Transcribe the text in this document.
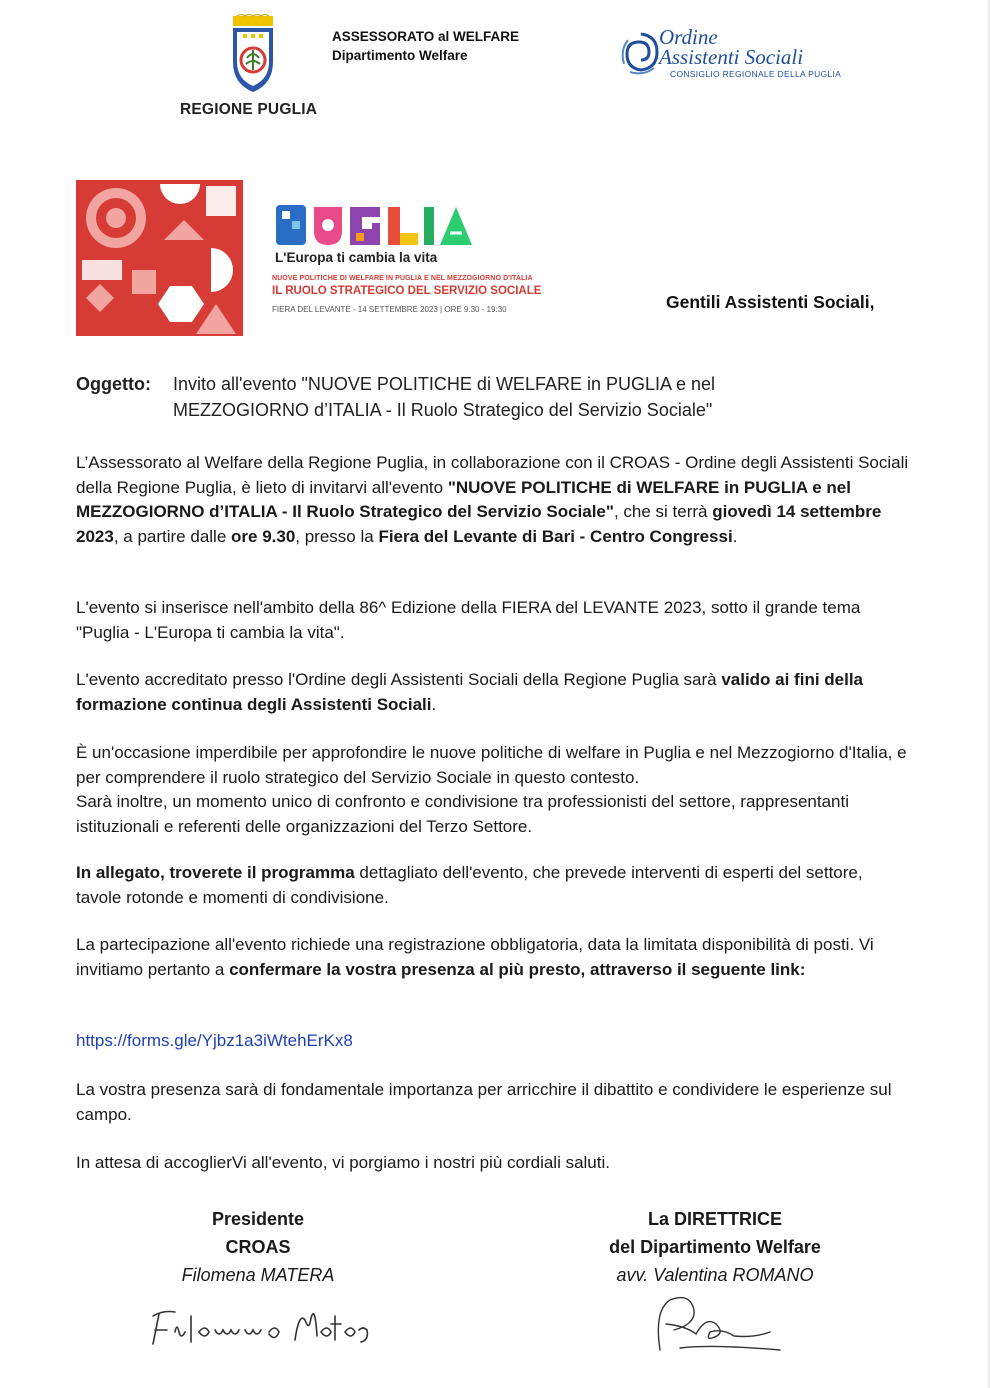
REGIONE PUGLIA
ASSESSORATO al WELFARE
Dipartimento Welfare
Ordine
Assistenti Sociali
CONSIGLIO REGIONALE DELLA PUGLIA
L'Europa ti cambia la vita
NUOVE POLITICHE DI WELFARE IN PUGLIA E NEL MEZZOGIORNO D'ITALIA
IL RUOLO STRATEGICO DEL SERVIZIO SOCIALE
FIERA DEL LEVANTE - 14 SETTEMBRE 2023 | ORE 9.30 - 19:30	Gentili Assistenti Sociali,
Oggetto: Invito all'evento "NUOVE POLITICHE di WELFARE in PUGLIA e nel MEZZOGIORNO d’ITALIA - Il Ruolo Strategico del Servizio Sociale"
L’Assessorato al Welfare della Regione Puglia, in collaborazione con il CROAS - Ordine degli Assistenti Sociali della Regione Puglia, è lieto di invitarvi all'evento "NUOVE POLITICHE di WELFARE in PUGLIA e nel MEZZOGIORNO d’ITALIA - Il Ruolo Strategico del Servizio Sociale", che si terrà giovedì 14 settembre 2023, a partire dalle ore 9.30, presso la Fiera del Levante di Bari - Centro Congressi.
L'evento si inserisce nell'ambito della 86^ Edizione della FIERA del LEVANTE 2023, sotto il grande tema "Puglia - L'Europa ti cambia la vita".
L'evento accreditato presso l'Ordine degli Assistenti Sociali della Regione Puglia sarà valido ai fini della formazione continua degli Assistenti Sociali.
È un'occasione imperdibile per approfondire le nuove politiche di welfare in Puglia e nel Mezzogiorno d'Italia, e per comprendere il ruolo strategico del Servizio Sociale in questo contesto.
Sarà inoltre, un momento unico di confronto e condivisione tra professionisti del settore, rappresentanti istituzionali e referenti delle organizzazioni del Terzo Settore.
In allegato, troverete il programma dettagliato dell'evento, che prevede interventi di esperti del settore, tavole rotonde e momenti di condivisione.
La partecipazione all'evento richiede una registrazione obbligatoria, data la limitata disponibilità di posti. Vi invitiamo pertanto a confermare la vostra presenza al più presto, attraverso il seguente link:
https://forms.gle/Yjbz1a3iWtehErKx8
La vostra presenza sarà di fondamentale importanza per arricchire il dibattito e condividere le esperienze sul campo.
In attesa di accoglierVi all'evento, vi porgiamo i nostri più cordiali saluti.
Presidente
CROAS
Filomena MATERA
La DIRETTRICE
del Dipartimento Welfare
avv. Valentina ROMANO
